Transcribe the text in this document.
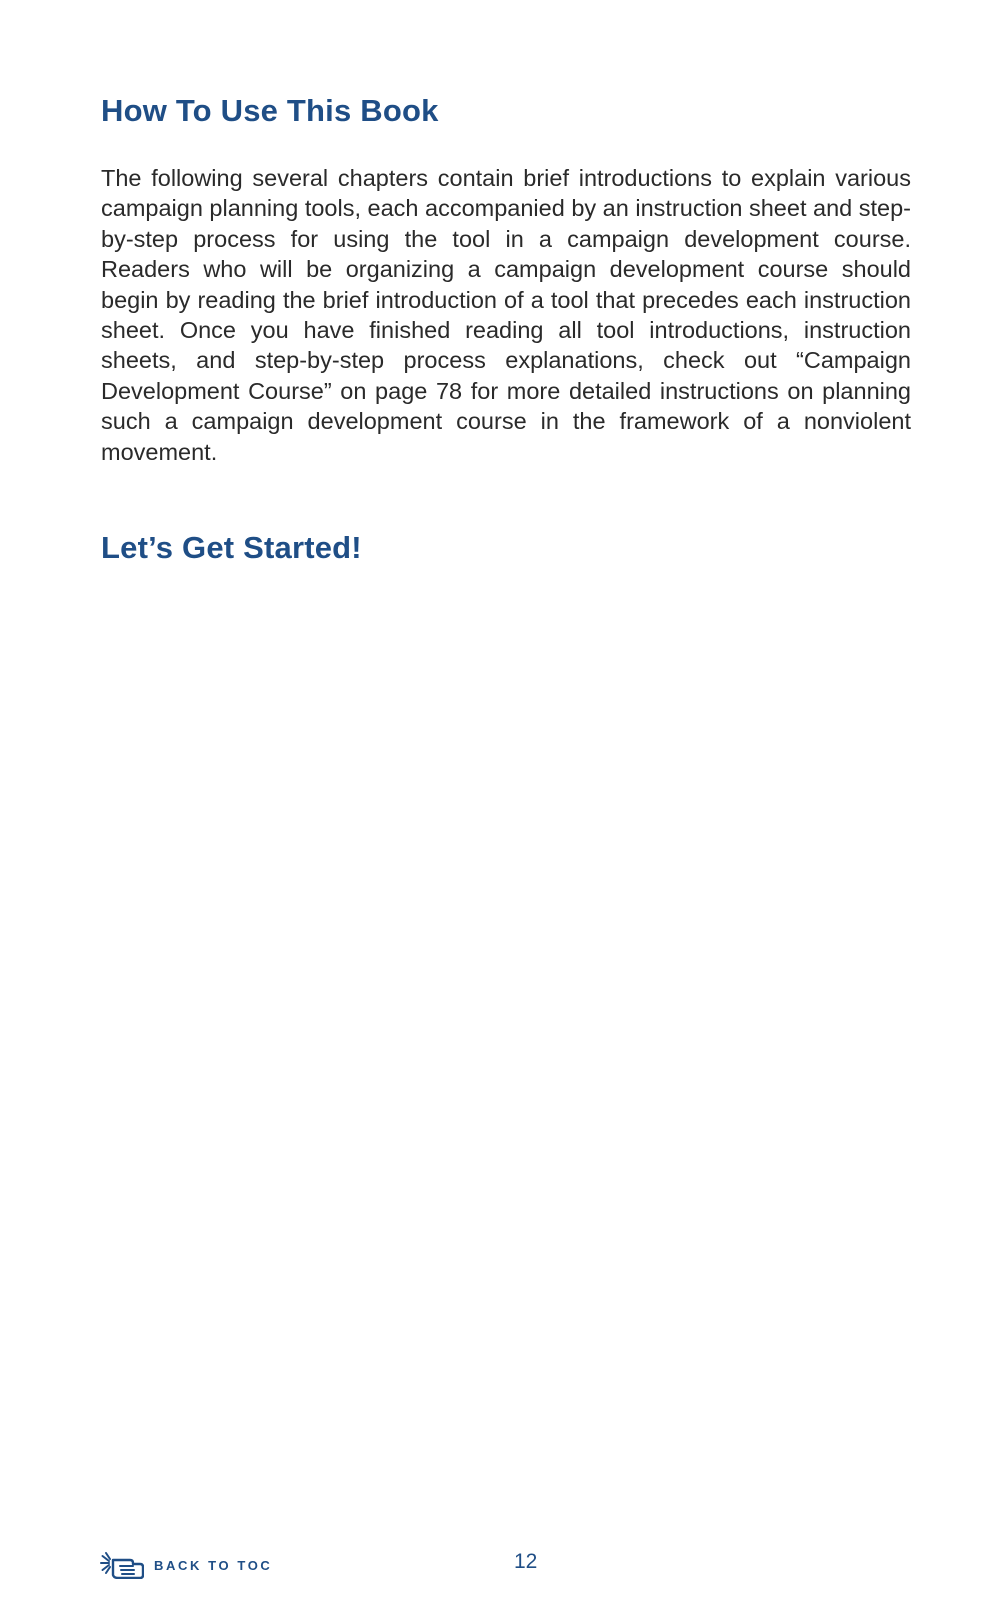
How To Use This Book

The following several chapters contain brief introductions to explain various campaign planning tools, each accompanied by an instruction sheet and step-by-step process for using the tool in a campaign development course. Readers who will be organizing a campaign development course should begin by reading the brief introduction of a tool that precedes each instruction sheet. Once you have finished reading all tool introductions, instruction sheets, and step-by-step process explanations, check out “Campaign Development Course” on page 78 for more detailed instructions on planning such a campaign development course in the framework of a nonviolent movement.

Let’s Get Started!
BACK TO TOC	12
